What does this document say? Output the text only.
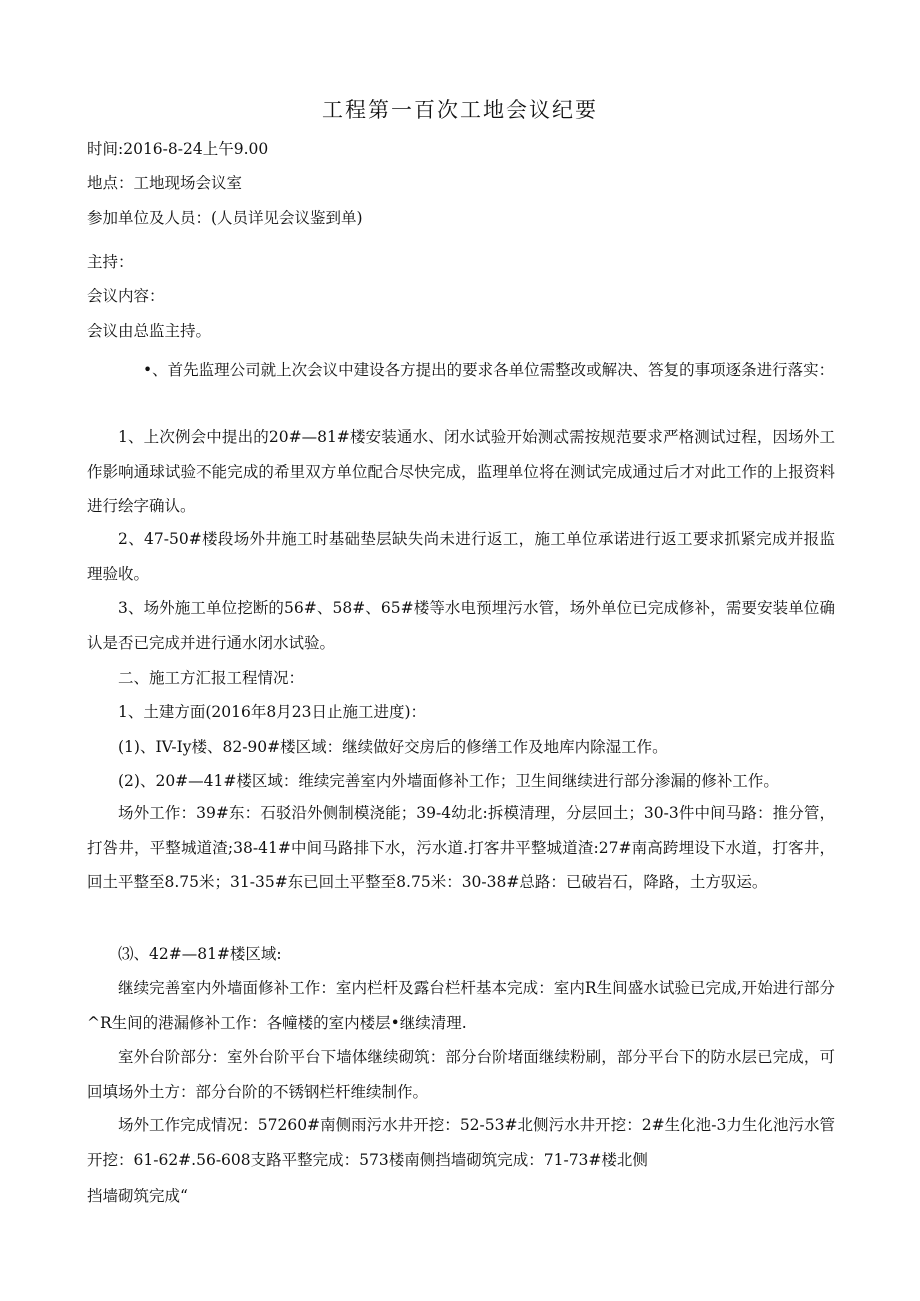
工程第一百次工地会议纪要

时间:2016-8-24上午9.00

地点：工地现场会议室

参加单位及人员：(人员详见会议鉴到单)

主持：

会议内容：

会议由总监主持。

•、首先监理公司就上次会议中建设各方提出的要求各单位需整改或解决、答复的事项逐条进行落实：

1、上次例会中提出的20#—81#楼安装通水、闭水试验开始测忒需按规范要求严格测试过程，因场外工作影响通球试验不能完成的希里双方单位配合尽快完成，监理单位将在测试完成通过后才对此工作的上报资料进行绘字确认。

2、47-50#楼段场外井施工时基础垫层缺失尚未进行返工，施工单位承诺进行返工要求抓紧完成并报监理验收。

3、场外施工单位挖断的56#、58#、65#楼等水电预埋污水管，场外单位已完成修补，需要安装单位确认是否已完成并进行通水闭水试验。

二、施工方汇报工程情况：

1、土建方面(2016年8月23日止施工进度)：

(1)、IV-Iy楼、82-90#楼区域：继续做好交房后的修缮工作及地库内除湿工作。

(2)、20#—41#楼区域：维续完善室内外墙面修补工作；卫生间继续进行部分渗漏的修补工作。

场外工作：39#东：石驳沿外侧制模浇能；39-4幼北:拆模清理，分层回土；30-3件中间马路：推分管，打咎井，平整城道渣;38-41#中间马路排下水，污水道.打客井平整城道渣:27#南高跨埋设下水道，打客井，回土平整至8.75米；31-35#东已回土平整至8.75米：30-38#总路：已破岩石，降路，土方驭运。

⑶、42#—81#楼区域:

继续完善室内外墙面修补工作：室内栏杆及露台栏杆基本完成：室内R生间盛水试验已完成,开始进行部分^R生间的港漏修补工作：各幢楼的室内楼层•继续清理.

室外台阶部分：室外台阶平台下墙体继续砌筑：部分台阶堵面继续粉刷，部分平台下的防水层已完成，可回填场外土方：部分台阶的不锈钢栏杆维续制作。

场外工作完成情况：57260#南侧雨污水井开挖：52-53#北侧污水井开挖：2#生化池-3力生化池污水管开挖：61-62#.56-608支路平整完成：573楼南侧挡墙砌筑完成：71-73#楼北侧

挡墙砌筑完成“
